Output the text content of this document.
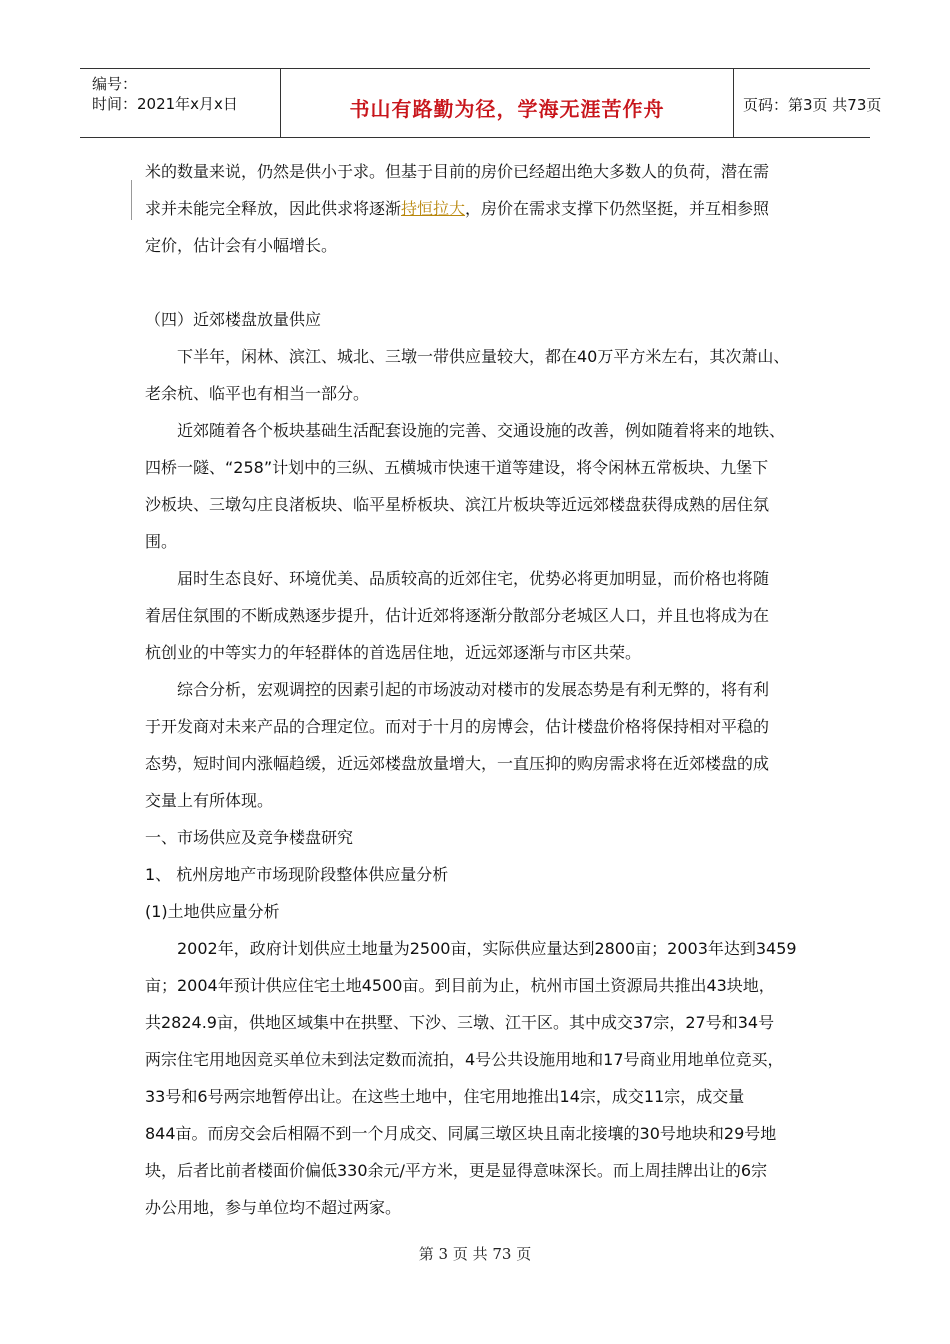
编号：
时间：2021年x月x日	书山有路勤为径，学海无涯苦作舟	页码：第3页 共73页
米的数量来说，仍然是供小于求。但基于目前的房价已经超出绝大多数人的负荷，潜在需
求并未能完全释放，因此供求将逐渐持恒拉大，房价在需求支撑下仍然坚挺，并互相参照
定价，估计会有小幅增长。
（四）近郊楼盘放量供应
下半年，闲林、滨江、城北、三墩一带供应量较大，都在40万平方米左右，其次萧山、
老余杭、临平也有相当一部分。
近郊随着各个板块基础生活配套设施的完善、交通设施的改善，例如随着将来的地铁、
四桥一隧、“258”计划中的三纵、五横城市快速干道等建设，将令闲林五常板块、九堡下
沙板块、三墩勾庄良渚板块、临平星桥板块、滨江片板块等近远郊楼盘获得成熟的居住氛
围。
届时生态良好、环境优美、品质较高的近郊住宅，优势必将更加明显，而价格也将随
着居住氛围的不断成熟逐步提升，估计近郊将逐渐分散部分老城区人口，并且也将成为在
杭创业的中等实力的年轻群体的首选居住地，近远郊逐渐与市区共荣。
综合分析，宏观调控的因素引起的市场波动对楼市的发展态势是有利无弊的，将有利
于开发商对未来产品的合理定位。而对于十月的房博会，估计楼盘价格将保持相对平稳的
态势，短时间内涨幅趋缓，近远郊楼盘放量增大，一直压抑的购房需求将在近郊楼盘的成
交量上有所体现。
一、市场供应及竞争楼盘研究
1、 杭州房地产市场现阶段整体供应量分析
(1)土地供应量分析
2002年，政府计划供应土地量为2500亩，实际供应量达到2800亩；2003年达到3459
亩；2004年预计供应住宅土地4500亩。到目前为止，杭州市国土资源局共推出43块地，
共2824.9亩，供地区域集中在拱墅、下沙、三墩、江干区。其中成交37宗，27号和34号
两宗住宅用地因竞买单位未到法定数而流拍，4号公共设施用地和17号商业用地单位竞买，
33号和6号两宗地暂停出让。在这些土地中，住宅用地推出14宗，成交11宗，成交量
844亩。而房交会后相隔不到一个月成交、同属三墩区块且南北接壤的30号地块和29号地
块，后者比前者楼面价偏低330余元/平方米，更是显得意味深长。而上周挂牌出让的6宗
办公用地，参与单位均不超过两家。
第 3 页 共 73 页
